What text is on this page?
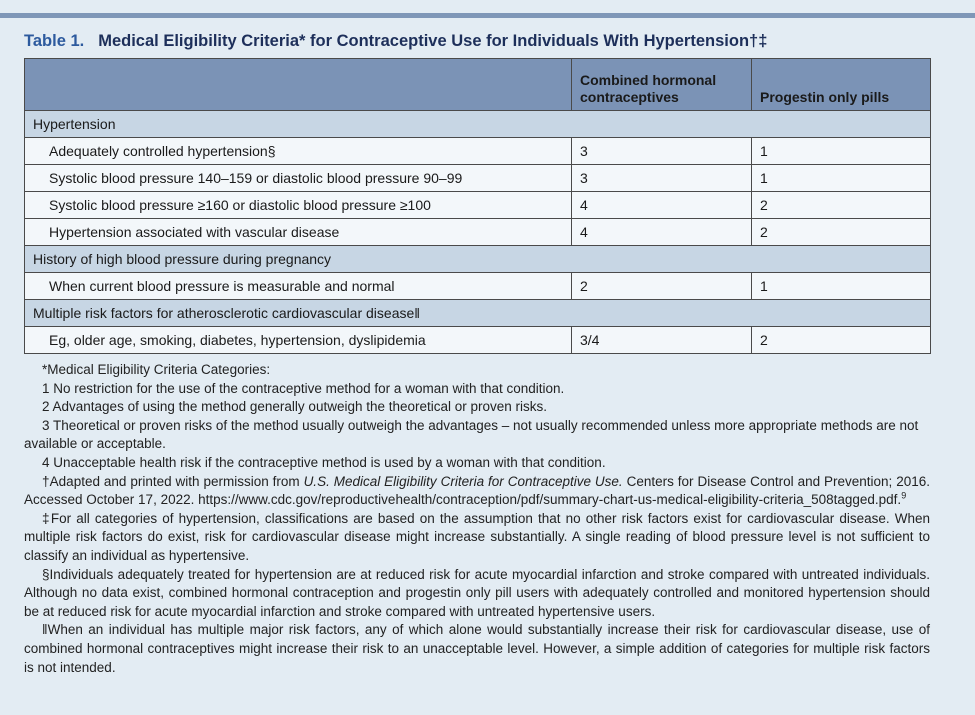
Table 1. Medical Eligibility Criteria* for Contraceptive Use for Individuals With Hypertension†‡
	Combined hormonal contraceptives	Progestin only pills
Hypertension		
Adequately controlled hypertension§	3	1
Systolic blood pressure 140–159 or diastolic blood pressure 90–99	3	1
Systolic blood pressure ≥160 or diastolic blood pressure ≥100	4	2
Hypertension associated with vascular disease	4	2
History of high blood pressure during pregnancy		
When current blood pressure is measurable and normal	2	1
Multiple risk factors for atherosclerotic cardiovascular disease‖		
Eg, older age, smoking, diabetes, hypertension, dyslipidemia	3/4	2

*Medical Eligibility Criteria Categories:

1 No restriction for the use of the contraceptive method for a woman with that condition.

2 Advantages of using the method generally outweigh the theoretical or proven risks.

3 Theoretical or proven risks of the method usually outweigh the advantages – not usually recommended unless more appropriate methods are not available or acceptable.

4 Unacceptable health risk if the contraceptive method is used by a woman with that condition.

†Adapted and printed with permission from U.S. Medical Eligibility Criteria for Contraceptive Use. Centers for Disease Control and Prevention; 2016. Accessed October 17, 2022. https://www.cdc.gov/reproductivehealth/contraception/pdf/summary-chart-us-medical-eligibility-criteria_508tagged.pdf.$^9$

‡For all categories of hypertension, classifications are based on the assumption that no other risk factors exist for cardiovascular disease. When multiple risk factors do exist, risk for cardiovascular disease might increase substantially. A single reading of blood pressure level is not sufficient to classify an individual as hypertensive.

§Individuals adequately treated for hypertension are at reduced risk for acute myocardial infarction and stroke compared with untreated individuals. Although no data exist, combined hormonal contraception and progestin only pill users with adequately controlled and monitored hypertension should be at reduced risk for acute myocardial infarction and stroke compared with untreated hypertensive users.

‖When an individual has multiple major risk factors, any of which alone would substantially increase their risk for cardiovascular disease, use of combined hormonal contraceptives might increase their risk to an unacceptable level. However, a simple addition of categories for multiple risk factors is not intended.
